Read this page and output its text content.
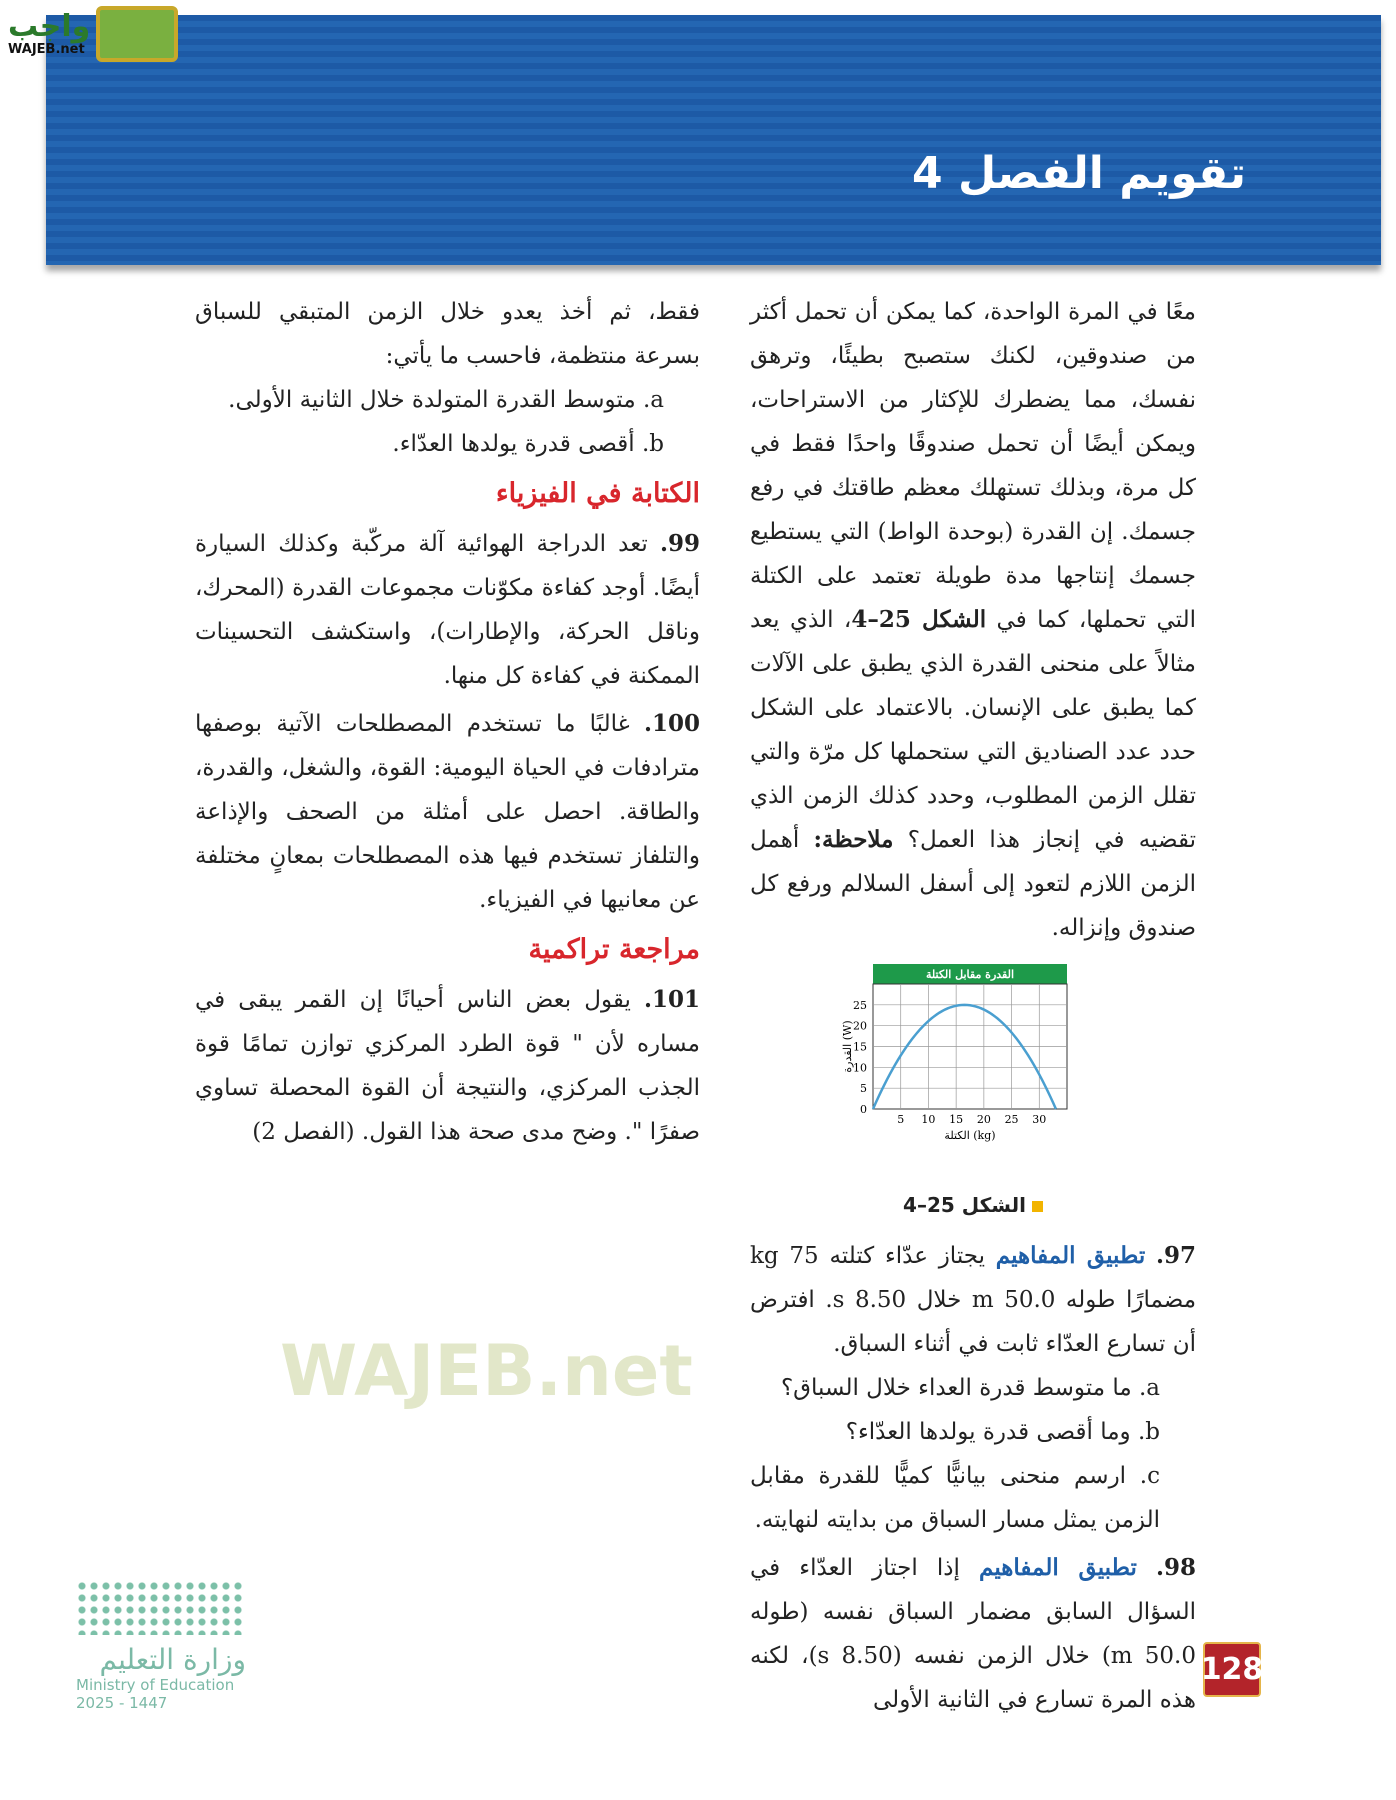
تقويم الفصل 4
واجب
WAJEB.net
WAJEB.net

معًا في المرة الواحدة، كما يمكن أن تحمل أكثر من صندوقين، لكنك ستصبح بطيئًا، وترهق نفسك، مما يضطرك للإكثار من الاستراحات، ويمكن أيضًا أن تحمل صندوقًا واحدًا فقط في كل مرة، وبذلك تستهلك معظم طاقتك في رفع جسمك. إن القدرة (بوحدة الواط) التي يستطيع جسمك إنتاجها مدة طويلة تعتمد على الكتلة التي تحملها، كما في الشكل 25–4، الذي يعد مثالاً على منحنى القدرة الذي يطبق على الآلات كما يطبق على الإنسان. بالاعتماد على الشكل حدد عدد الصناديق التي ستحملها كل مرّة والتي تقلل الزمن المطلوب، وحدد كذلك الزمن الذي تقضيه في إنجاز هذا العمل؟ ملاحظة: أهمل الزمن اللازم لتعود إلى أسفل السلالم ورفع كل صندوق وإنزاله.

القدرة مقابل الكتلة
5 10 15 20 25 30
0
5
10
15
20
25
الكتلة (kg)
القدرة (W)
الشكل 25–4

97. تطبيق المفاهيم يجتاز عدّاء كتلته 75 kg مضمارًا طوله 50.0 m خلال 8.50 s. افترض أن تسارع العدّاء ثابت في أثناء السباق.

a. ما متوسط قدرة العداء خلال السباق؟

b. وما أقصى قدرة يولدها العدّاء؟

c. ارسم منحنى بيانيًّا كميًّا للقدرة مقابل الزمن يمثل مسار السباق من بدايته لنهايته.

98. تطبيق المفاهيم إذا اجتاز العدّاء في السؤال السابق مضمار السباق نفسه (طوله 50.0 m) خلال الزمن نفسه (8.50 s)، لكنه هذه المرة تسارع في الثانية الأولى

فقط، ثم أخذ يعدو خلال الزمن المتبقي للسباق بسرعة منتظمة، فاحسب ما يأتي:

a. متوسط القدرة المتولدة خلال الثانية الأولى.

b. أقصى قدرة يولدها العدّاء.

الكتابة في الفيزياء

99. تعد الدراجة الهوائية آلة مركّبة وكذلك السيارة أيضًا. أوجد كفاءة مكوّنات مجموعات القدرة (المحرك، وناقل الحركة، والإطارات)، واستكشف التحسينات الممكنة في كفاءة كل منها.

100. غالبًا ما تستخدم المصطلحات الآتية بوصفها مترادفات في الحياة اليومية: القوة، والشغل، والقدرة، والطاقة. احصل على أمثلة من الصحف والإذاعة والتلفاز تستخدم فيها هذه المصطلحات بمعانٍ مختلفة عن معانيها في الفيزياء.

مراجعة تراكمية

101. يقول بعض الناس أحيانًا إن القمر يبقى في مساره لأن " قوة الطرد المركزي توازن تمامًا قوة الجذب المركزي، والنتيجة أن القوة المحصلة تساوي صفرًا ". وضح مدى صحة هذا القول. (الفصل 2)

وزارة التعليم
Ministry of Education
2025 - 1447
128
